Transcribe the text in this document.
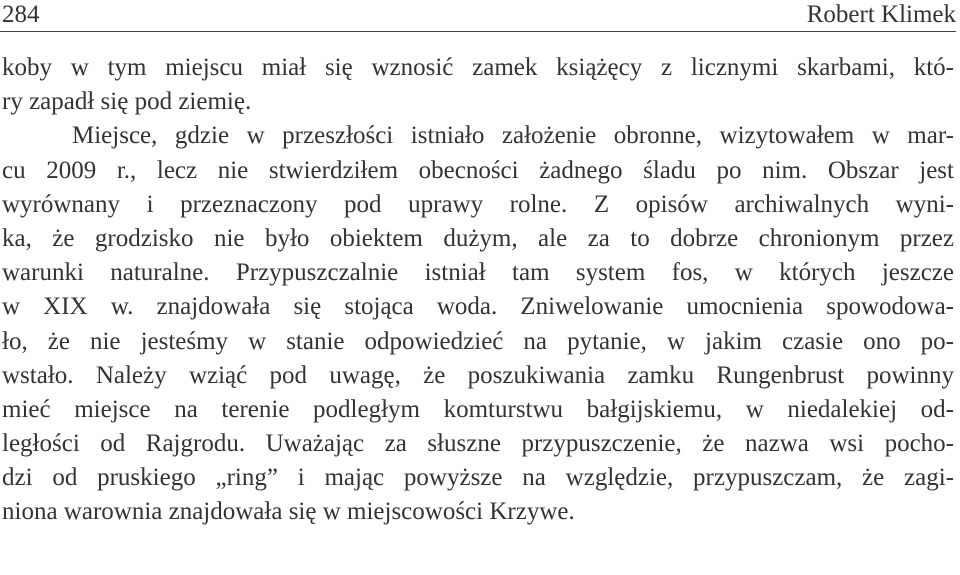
284	Robert Klimek
koby w tym miejscu miał się wznosić zamek książęcy z licznymi skarbami, któ-
ry zapadł się pod ziemię.
Miejsce, gdzie w przeszłości istniało założenie obronne, wizytowałem w mar-
cu 2009 r., lecz nie stwierdziłem obecności żadnego śladu po nim. Obszar jest
wyrównany i przeznaczony pod uprawy rolne. Z opisów archiwalnych wyni-
ka, że grodzisko nie było obiektem dużym, ale za to dobrze chronionym przez
warunki naturalne. Przypuszczalnie istniał tam system fos, w których jeszcze
w XIX w. znajdowała się stojąca woda. Zniwelowanie umocnienia spowodowa-
ło, że nie jesteśmy w stanie odpowiedzieć na pytanie, w jakim czasie ono po-
wstało. Należy wziąć pod uwagę, że poszukiwania zamku Rungenbrust powinny
mieć miejsce na terenie podległym komturstwu bałgijskiemu, w niedalekiej od-
ległości od Rajgrodu. Uważając za słuszne przypuszczenie, że nazwa wsi pocho-
dzi od pruskiego „ring” i mając powyższe na względzie, przypuszczam, że zagi-
niona warownia znajdowała się w miejscowości Krzywe.
